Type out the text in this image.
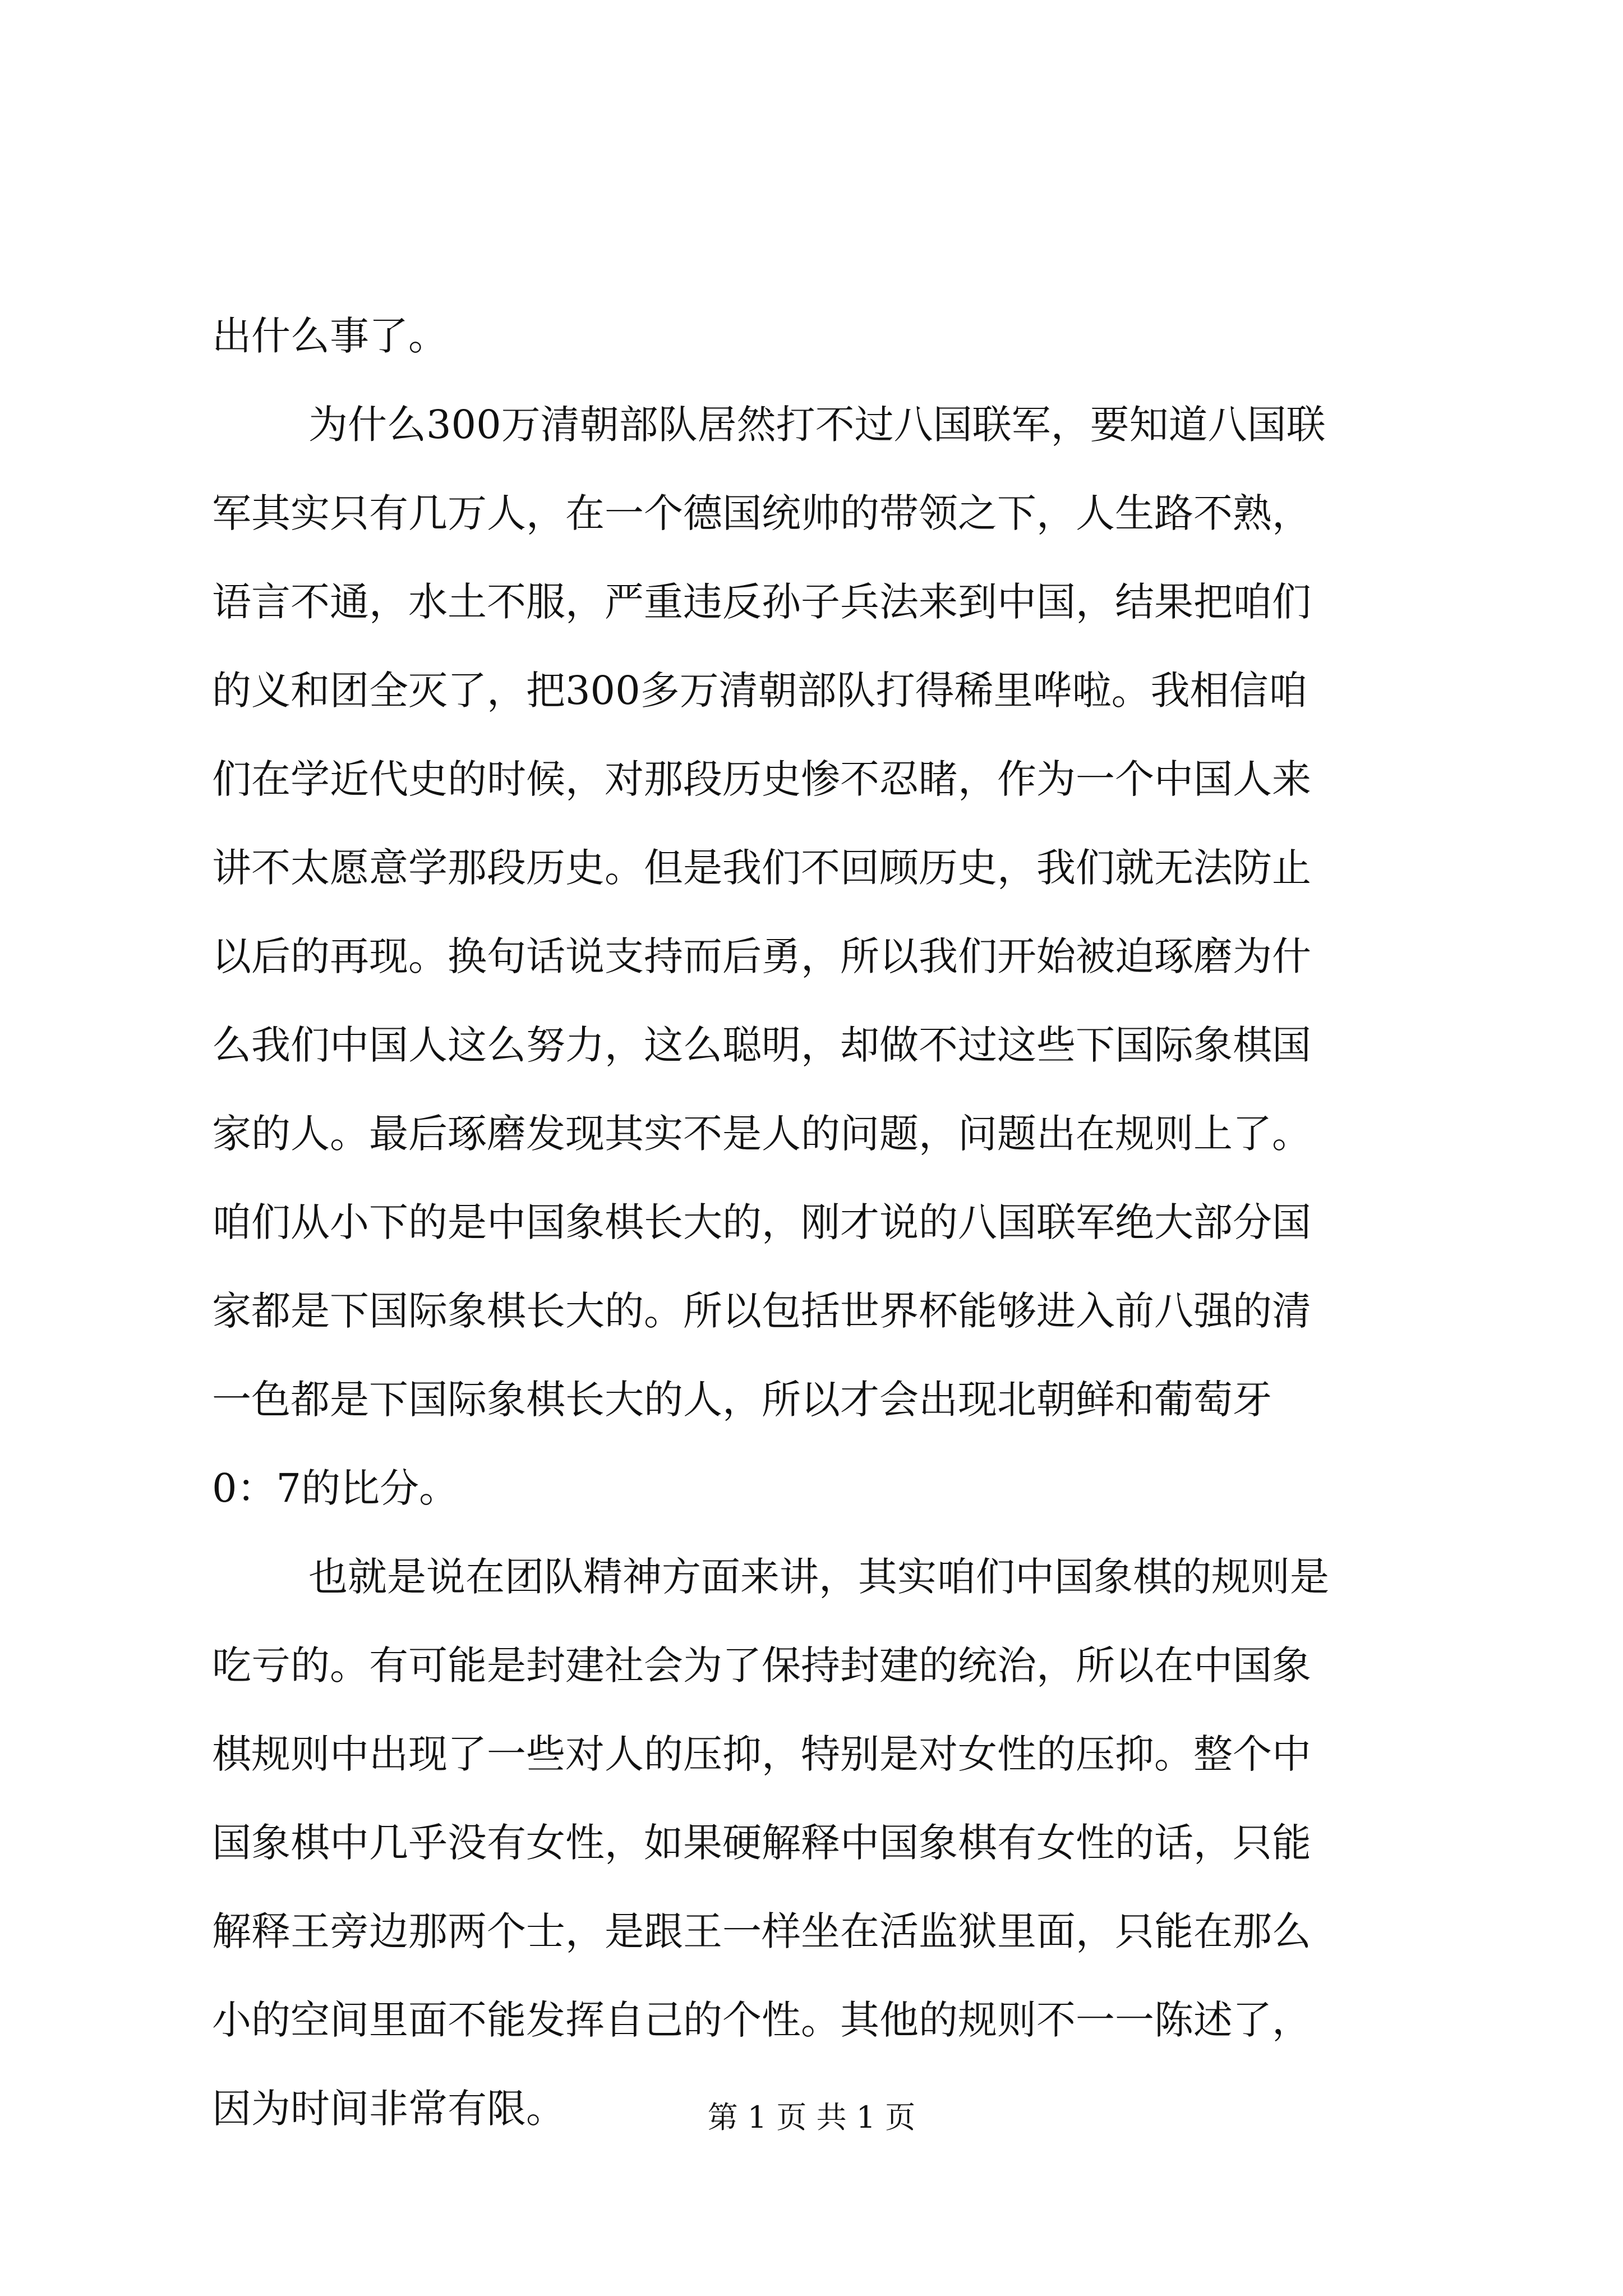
出什么事了。
为什么300万清朝部队居然打不过八国联军，要知道八国联
军其实只有几万人，在一个德国统帅的带领之下，人生路不熟，
语言不通，水土不服，严重违反孙子兵法来到中国，结果把咱们
的义和团全灭了，把300多万清朝部队打得稀里哗啦。我相信咱
们在学近代史的时候，对那段历史惨不忍睹，作为一个中国人来
讲不太愿意学那段历史。但是我们不回顾历史，我们就无法防止
以后的再现。换句话说支持而后勇，所以我们开始被迫琢磨为什
么我们中国人这么努力，这么聪明，却做不过这些下国际象棋国
家的人。最后琢磨发现其实不是人的问题，问题出在规则上了。
咱们从小下的是中国象棋长大的，刚才说的八国联军绝大部分国
家都是下国际象棋长大的。所以包括世界杯能够进入前八强的清
一色都是下国际象棋长大的人，所以才会出现北朝鲜和葡萄牙
0：7的比分。
也就是说在团队精神方面来讲，其实咱们中国象棋的规则是
吃亏的。有可能是封建社会为了保持封建的统治，所以在中国象
棋规则中出现了一些对人的压抑，特别是对女性的压抑。整个中
国象棋中几乎没有女性，如果硬解释中国象棋有女性的话，只能
解释王旁边那两个士，是跟王一样坐在活监狱里面，只能在那么
小的空间里面不能发挥自己的个性。其他的规则不一一陈述了，
因为时间非常有限。	第 1 页 共 1 页
